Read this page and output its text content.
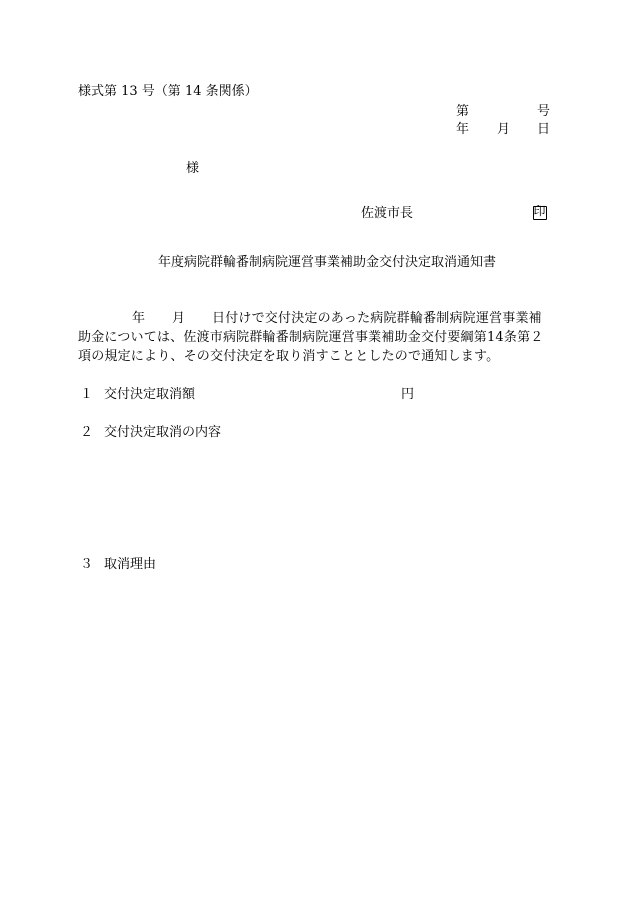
様式第 13 号（第 14 条関係）
第	号
年 月 日
様
佐渡市長	印
年度病院群輪番制病院運営事業補助金交付決定取消通知書
年 月 日付けで交付決定のあった病院群輪番制病院運営事業補
助金については、佐渡市病院群輪番制病院運営事業補助金交付要綱第14条第２
項の規定により、その交付決定を取り消すこととしたので通知します。
１ 交付決定取消額	円
２ 交付決定取消の内容
３ 取消理由
